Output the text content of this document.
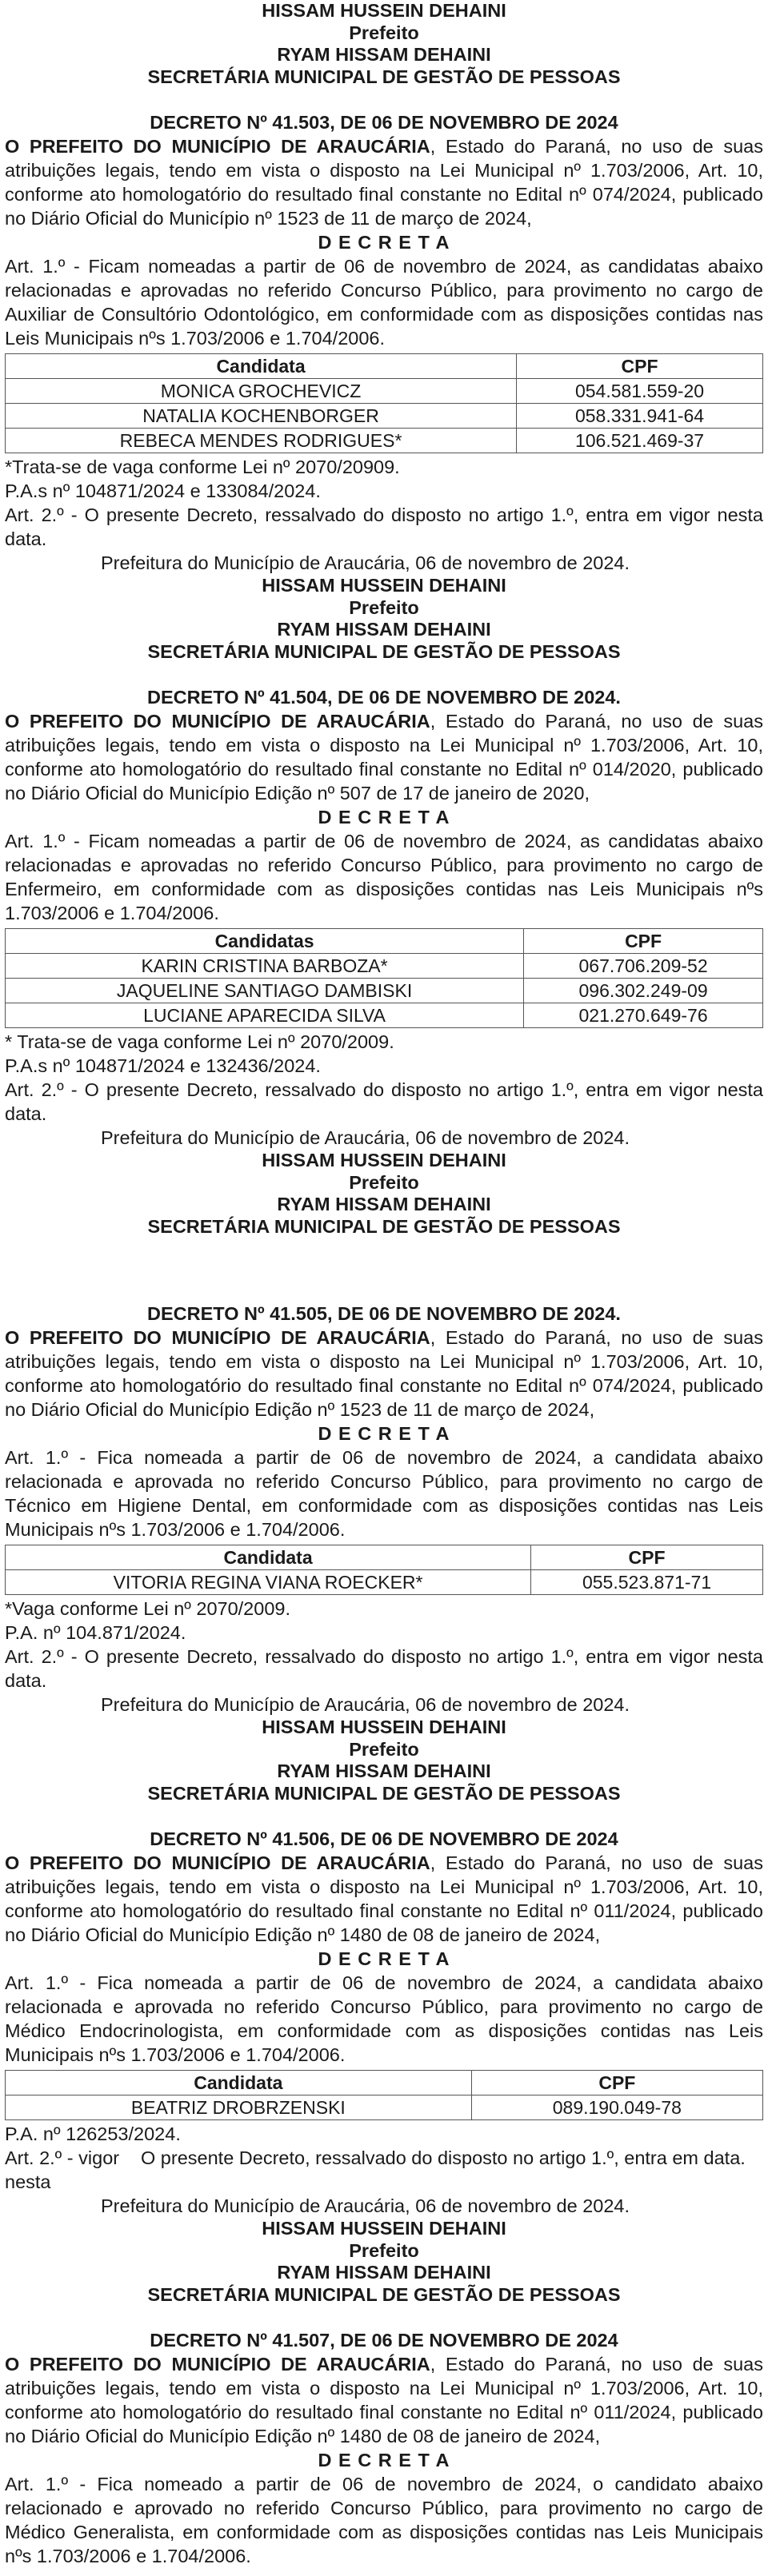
HISSAM HUSSEIN DEHAINI
Prefeito
RYAM HISSAM DEHAINI
SECRETÁRIA MUNICIPAL DE GESTÃO DE PESSOAS
DECRETO Nº 41.503, DE 06 DE NOVEMBRO DE 2024
O PREFEITO DO MUNICÍPIO DE ARAUCÁRIA, Estado do Paraná, no uso de suas atribuições legais, tendo em vista o disposto na Lei Municipal nº 1.703/2006, Art. 10, conforme ato homologatório do resultado final constante no Edital nº 074/2024, publicado no Diário Oficial do Município nº 1523 de 11 de março de 2024,
D E C R E T A
Art. 1.º - Ficam nomeadas a partir de 06 de novembro de 2024, as candidatas abaixo relacionadas e aprovadas no referido Concurso Público, para provimento no cargo de Auxiliar de Consultório Odontológico, em conformidade com as disposições contidas nas Leis Municipais nºs 1.703/2006 e 1.704/2006.
Candidata	CPF
MONICA GROCHEVICZ	054.581.559-20
NATALIA KOCHENBORGER	058.331.941-64
REBECA MENDES RODRIGUES*	106.521.469-37
*Trata-se de vaga conforme Lei nº 2070/20909.
P.A.s nº 104871/2024 e 133084/2024.
Art. 2.º - O presente Decreto, ressalvado do disposto no artigo 1.º, entra em vigor nesta data.
Prefeitura do Município de Araucária, 06 de novembro de 2024.
HISSAM HUSSEIN DEHAINI
Prefeito
RYAM HISSAM DEHAINI
SECRETÁRIA MUNICIPAL DE GESTÃO DE PESSOAS
DECRETO Nº 41.504, DE 06 DE NOVEMBRO DE 2024.
O PREFEITO DO MUNICÍPIO DE ARAUCÁRIA, Estado do Paraná, no uso de suas atribuições legais, tendo em vista o disposto na Lei Municipal nº 1.703/2006, Art. 10, conforme ato homologatório do resultado final constante no Edital nº 014/2020, publicado no Diário Oficial do Município Edição nº 507 de 17 de janeiro de 2020,
D E C R E T A
Art. 1.º - Ficam nomeadas a partir de 06 de novembro de 2024, as candidatas abaixo relacionadas e aprovadas no referido Concurso Público, para provimento no cargo de Enfermeiro, em conformidade com as disposições contidas nas Leis Municipais nºs 1.703/2006 e 1.704/2006.
Candidatas	CPF
KARIN CRISTINA BARBOZA*	067.706.209-52
JAQUELINE SANTIAGO DAMBISKI	096.302.249-09
LUCIANE APARECIDA SILVA	021.270.649-76
* Trata-se de vaga conforme Lei nº 2070/2009.
P.A.s nº 104871/2024 e 132436/2024.
Art. 2.º - O presente Decreto, ressalvado do disposto no artigo 1.º, entra em vigor nesta data.
Prefeitura do Município de Araucária, 06 de novembro de 2024.
HISSAM HUSSEIN DEHAINI
Prefeito
RYAM HISSAM DEHAINI
SECRETÁRIA MUNICIPAL DE GESTÃO DE PESSOAS
DECRETO Nº 41.505, DE 06 DE NOVEMBRO DE 2024.
O PREFEITO DO MUNICÍPIO DE ARAUCÁRIA, Estado do Paraná, no uso de suas atribuições legais, tendo em vista o disposto na Lei Municipal nº 1.703/2006, Art. 10, conforme ato homologatório do resultado final constante no Edital nº 074/2024, publicado no Diário Oficial do Município Edição nº 1523 de 11 de março de 2024,
D E C R E T A
Art. 1.º - Fica nomeada a partir de 06 de novembro de 2024, a candidata abaixo relacionada e aprovada no referido Concurso Público, para provimento no cargo de Técnico em Higiene Dental, em conformidade com as disposições contidas nas Leis Municipais nºs 1.703/2006 e 1.704/2006.
Candidata	CPF
VITORIA REGINA VIANA ROECKER*	055.523.871-71
*Vaga conforme Lei nº 2070/2009.
P.A. nº 104.871/2024.
Art. 2.º - O presente Decreto, ressalvado do disposto no artigo 1.º, entra em vigor nesta data.
Prefeitura do Município de Araucária, 06 de novembro de 2024.
HISSAM HUSSEIN DEHAINI
Prefeito
RYAM HISSAM DEHAINI
SECRETÁRIA MUNICIPAL DE GESTÃO DE PESSOAS
DECRETO Nº 41.506, DE 06 DE NOVEMBRO DE 2024
O PREFEITO DO MUNICÍPIO DE ARAUCÁRIA, Estado do Paraná, no uso de suas atribuições legais, tendo em vista o disposto na Lei Municipal nº 1.703/2006, Art. 10, conforme ato homologatório do resultado final constante no Edital nº 011/2024, publicado no Diário Oficial do Município Edição nº 1480 de 08 de janeiro de 2024,
D E C R E T A
Art. 1.º - Fica nomeada a partir de 06 de novembro de 2024, a candidata abaixo relacionada e aprovada no referido Concurso Público, para provimento no cargo de Médico Endocrinologista, em conformidade com as disposições contidas nas Leis Municipais nºs 1.703/2006 e 1.704/2006.
Candidata	CPF
BEATRIZ DROBRZENSKI	089.190.049-78
P.A. nº 126253/2024.
Art. 2.º - vigor nesta
O presente Decreto, ressalvado do disposto no artigo 1.º, entra em data.
Prefeitura do Município de Araucária, 06 de novembro de 2024.
HISSAM HUSSEIN DEHAINI
Prefeito
RYAM HISSAM DEHAINI
SECRETÁRIA MUNICIPAL DE GESTÃO DE PESSOAS
DECRETO Nº 41.507, DE 06 DE NOVEMBRO DE 2024
O PREFEITO DO MUNICÍPIO DE ARAUCÁRIA, Estado do Paraná, no uso de suas atribuições legais, tendo em vista o disposto na Lei Municipal nº 1.703/2006, Art. 10, conforme ato homologatório do resultado final constante no Edital nº 011/2024, publicado no Diário Oficial do Município Edição nº 1480 de 08 de janeiro de 2024,
D E C R E T A
Art. 1.º - Fica nomeado a partir de 06 de novembro de 2024, o candidato abaixo relacionado e aprovado no referido Concurso Público, para provimento no cargo de Médico Generalista, em conformidade com as disposições contidas nas Leis Municipais nºs 1.703/2006 e 1.704/2006.
